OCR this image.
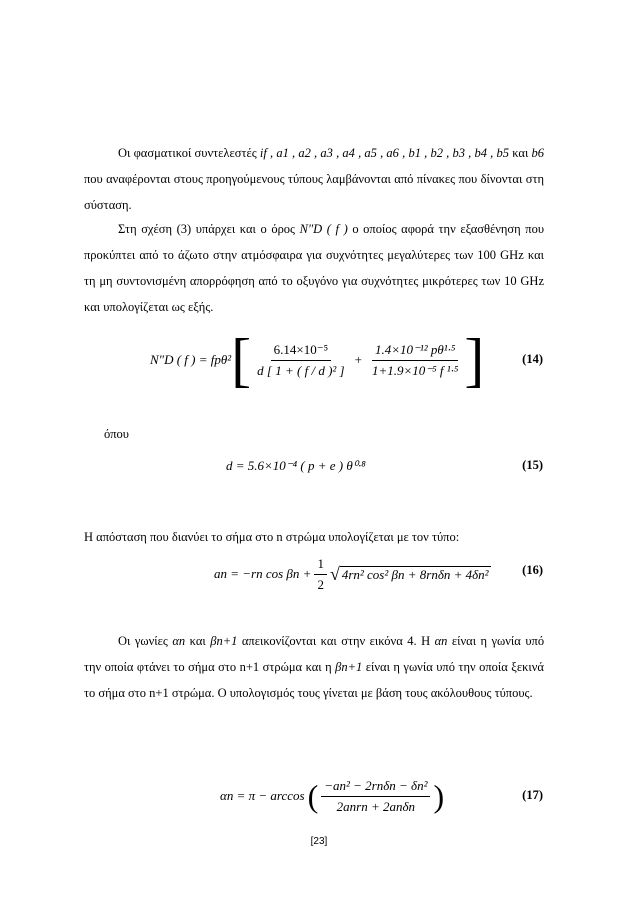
Οι φασματικοί συντελεστές if , a1 , a2 , a3 , a4 , a5 , a6 , b1 , b2 , b3 , b4 , b5 και b6 που αναφέρονται στους προηγούμενους τύπους λαμβάνονται από πίνακες που δίνονται στη σύσταση.
Στη σχέση (3) υπάρχει και ο όρος N″D ( f ) ο οποίος αφορά την εξασθένηση που προκύπτει από το άζωτο στην ατμόσφαιρα για συχνότητες μεγαλύτερες των 100 GHz και τη μη συντονισμένη απορρόφηση από το οξυγόνο για συχνότητες μικρότερες των 10 GHz και υπολογίζεται ως εξής.
N″D ( f ) = fpθ² [ $\frac{\text{6.14×10⁻⁵}}{\text{d [ 1 + ( f / d )² ]}} + \frac{\text{1.4×10⁻¹² pθ¹·⁵}}{\text{1+1.9×10⁻⁵ f ¹·⁵}}$ ]	(14)
όπου
d = 5.6×10⁻⁴ ( p + e ) θ⁰·⁸	(15)
Η απόσταση που διανύει το σήμα στο n στρώμα υπολογίζεται με τον τύπο:
an = −rn $\cos \beta n + \frac{1}{2}$ √ 4rn² cos² βn + 8rnδn + 4δn²	(16)
Οι γωνίες αn και βn+1 απεικονίζονται και στην εικόνα 4. Η αn είναι η γωνία υπό την οποία φτάνει το σήμα στο n+1 στρώμα και η βn+1 είναι η γωνία υπό την οποία ξεκινά το σήμα στο n+1 στρώμα. Ο υπολογισμός τους γίνεται με βάση τους ακόλουθους τύπους.
αn = π − arccos ( $\frac{\text{−an² − 2rnδn − δn²}}{\text{2anrn + 2anδn}}$ )	(17)
[23]
